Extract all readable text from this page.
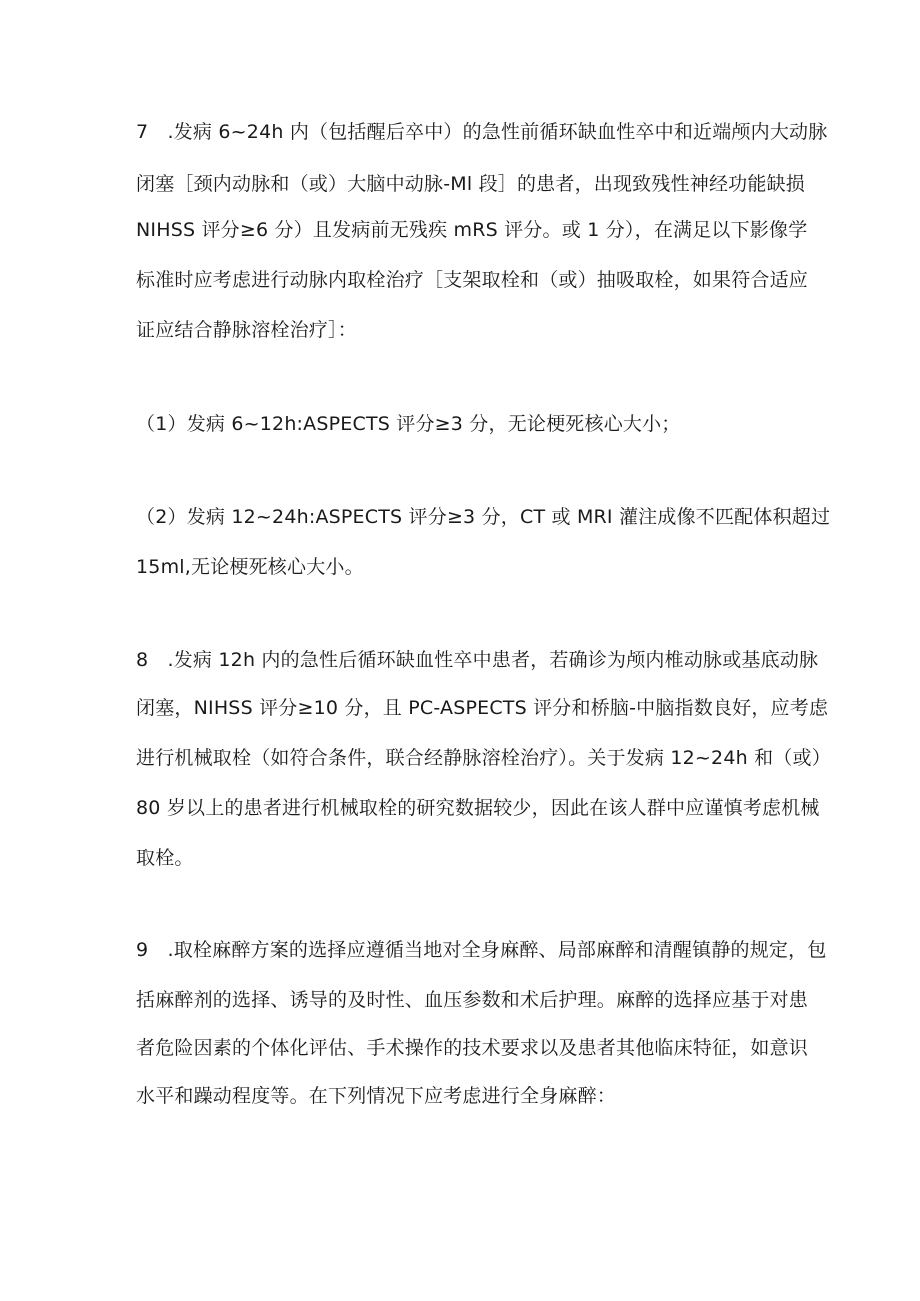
7　.发病 6~24h 内（包括醒后卒中）的急性前循环缺血性卒中和近端颅内大动脉
闭塞［颈内动脉和（或）大脑中动脉-Ml 段］的患者，出现致残性神经功能缺损
NIHSS 评分≥6 分）且发病前无残疾 mRS 评分。或 1 分），在满足以下影像学
标准时应考虑进行动脉内取栓治疗［支架取栓和（或）抽吸取栓，如果符合适应
证应结合静脉溶栓治疗］：
（1）发病 6~12h:ASPECTS 评分≥3 分，无论梗死核心大小；
（2）发病 12~24h:ASPECTS 评分≥3 分，CT 或 MRI 灌注成像不匹配体积超过
15ml,无论梗死核心大小。
8　.发病 12h 内的急性后循环缺血性卒中患者，若确诊为颅内椎动脉或基底动脉
闭塞，NIHSS 评分≥10 分，且 PC-ASPECTS 评分和桥脑-中脑指数良好，应考虑
进行机械取栓（如符合条件，联合经静脉溶栓治疗）。关于发病 12~24h 和（或）
80 岁以上的患者进行机械取栓的研究数据较少，因此在该人群中应谨慎考虑机械
取栓。
9　.取栓麻醉方案的选择应遵循当地对全身麻醉、局部麻醉和清醒镇静的规定，包
括麻醉剂的选择、诱导的及时性、血压参数和术后护理。麻醉的选择应基于对患
者危险因素的个体化评估、手术操作的技术要求以及患者其他临床特征，如意识
水平和躁动程度等。在下列情况下应考虑进行全身麻醉：
